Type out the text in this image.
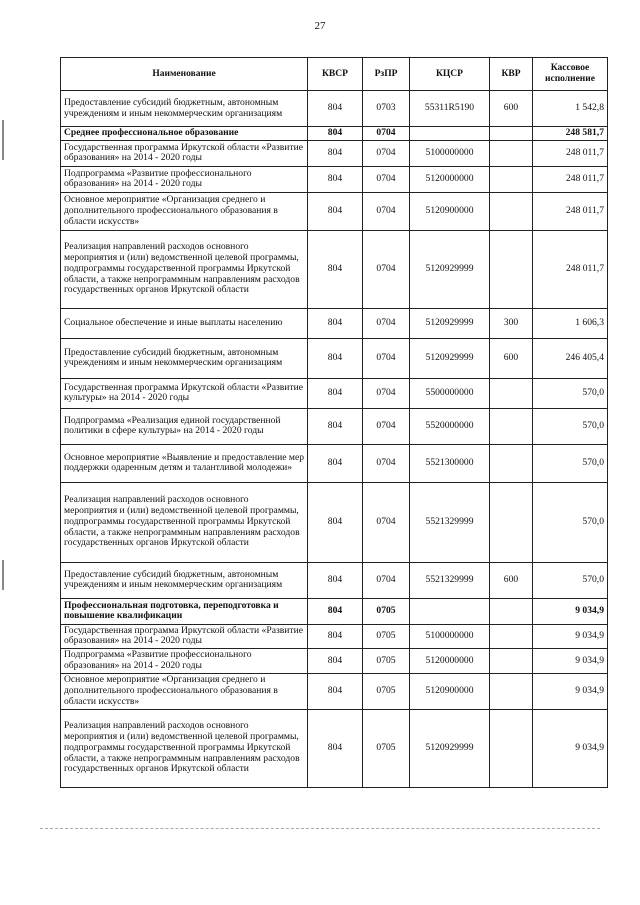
27
Наименование	КВСР	РзПР	КЦСР	КВР	Кассовое исполнение
Предоставление субсидий бюджетным, автономным учреждениям и иным некоммерческим организациям	804	0703	55311R5190	600	1 542,8
Среднее профессиональное образование	804	0704			248 581,7
Государственная программа Иркутской области «Развитие образования» на 2014 - 2020 годы	804	0704	5100000000		248 011,7
Подпрограмма «Развитие профессионального образования» на 2014 - 2020 годы	804	0704	5120000000		248 011,7
Основное мероприятие «Организация среднего и дополнительного профессионального образования в области искусств»	804	0704	5120900000		248 011,7
Реализация направлений расходов основного мероприятия и (или) ведомственной целевой программы, подпрограммы государственной программы Иркутской области, а также непрограммным направлениям расходов государственных органов Иркутской области	804	0704	5120929999		248 011,7
Социальное обеспечение и иные выплаты населению	804	0704	5120929999	300	1 606,3
Предоставление субсидий бюджетным, автономным учреждениям и иным некоммерческим организациям	804	0704	5120929999	600	246 405,4
Государственная программа Иркутской области «Развитие культуры» на 2014 - 2020 годы	804	0704	5500000000		570,0
Подпрограмма «Реализация единой государственной политики в сфере культуры» на 2014 - 2020 годы	804	0704	5520000000		570,0
Основное мероприятие «Выявление и предоставление мер поддержки одаренным детям и талантливой молодежи»	804	0704	5521300000		570,0
Реализация направлений расходов основного мероприятия и (или) ведомственной целевой программы, подпрограммы государственной программы Иркутской области, а также непрограммным направлениям расходов государственных органов Иркутской области	804	0704	5521329999		570,0
Предоставление субсидий бюджетным, автономным учреждениям и иным некоммерческим организациям	804	0704	5521329999	600	570,0
Профессиональная подготовка, переподготовка и повышение квалификации	804	0705			9 034,9
Государственная программа Иркутской области «Развитие образования» на 2014 - 2020 годы	804	0705	5100000000		9 034,9
Подпрограмма «Развитие профессионального образования» на 2014 - 2020 годы	804	0705	5120000000		9 034,9
Основное мероприятие «Организация среднего и дополнительного профессионального образования в области искусств»	804	0705	5120900000		9 034,9
Реализация направлений расходов основного мероприятия и (или) ведомственной целевой программы, подпрограммы государственной программы Иркутской области, а также непрограммным направлениям расходов государственных органов Иркутской области	804	0705	5120929999		9 034,9
